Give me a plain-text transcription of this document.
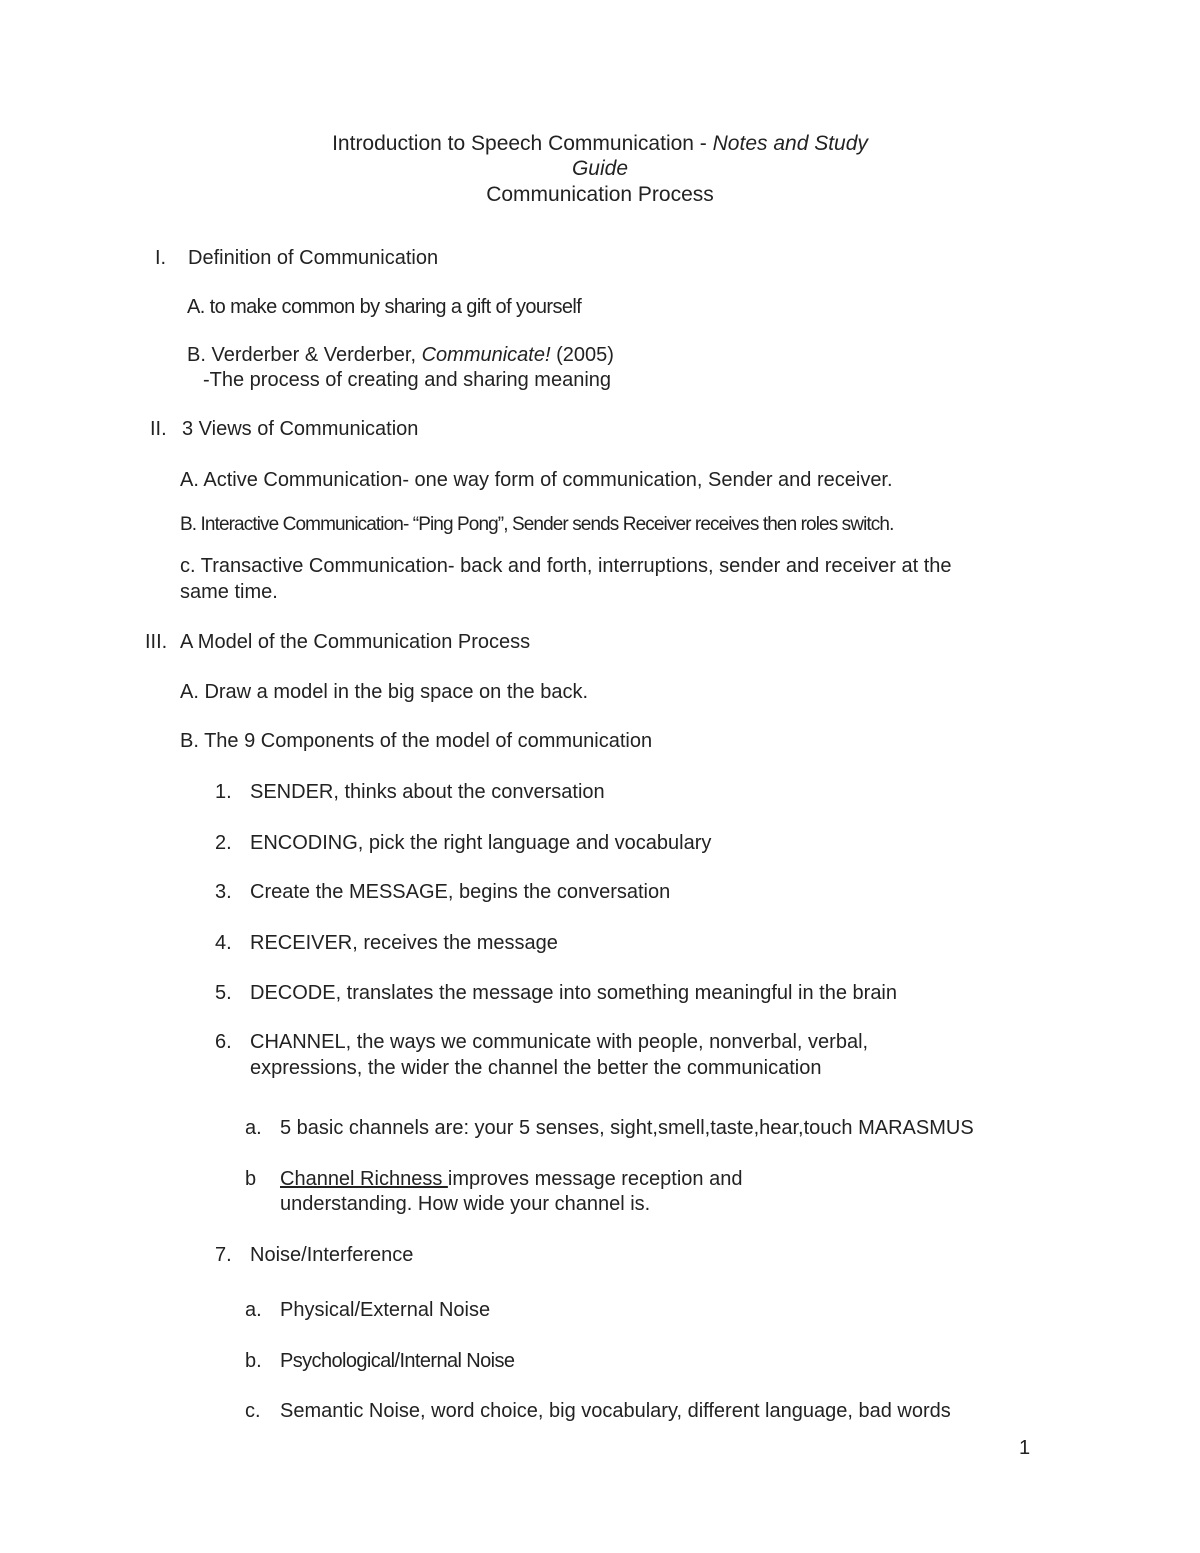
Introduction to Speech Communication - Notes and Study
Guide
Communication Process
I. Definition of Communication
A. to make common by sharing a gift of yourself
B. Verderber & Verderber, Communicate! (2005)
-The process of creating and sharing meaning
II. 3 Views of Communication
A. Active Communication- one way form of communication, Sender and receiver.
B. Interactive Communication- “Ping Pong”, Sender sends Receiver receives then roles switch.
c. Transactive Communication- back and forth, interruptions, sender and receiver at the
same time.
III. A Model of the Communication Process
A. Draw a model in the big space on the back.
B. The 9 Components of the model of communication
1. SENDER, thinks about the conversation
2. ENCODING, pick the right language and vocabulary
3. Create the MESSAGE, begins the conversation
4. RECEIVER, receives the message
5. DECODE, translates the message into something meaningful in the brain
6. CHANNEL, the ways we communicate with people, nonverbal, verbal,
expressions, the wider the channel the better the communication
a. 5 basic channels are: your 5 senses, sight,smell,taste,hear,touch MARASMUS
b Channel Richness improves message reception and
understanding. How wide your channel is.
7. Noise/Interference
a. Physical/External Noise
b. Psychological/Internal Noise
c. Semantic Noise, word choice, big vocabulary, different language, bad words
1
